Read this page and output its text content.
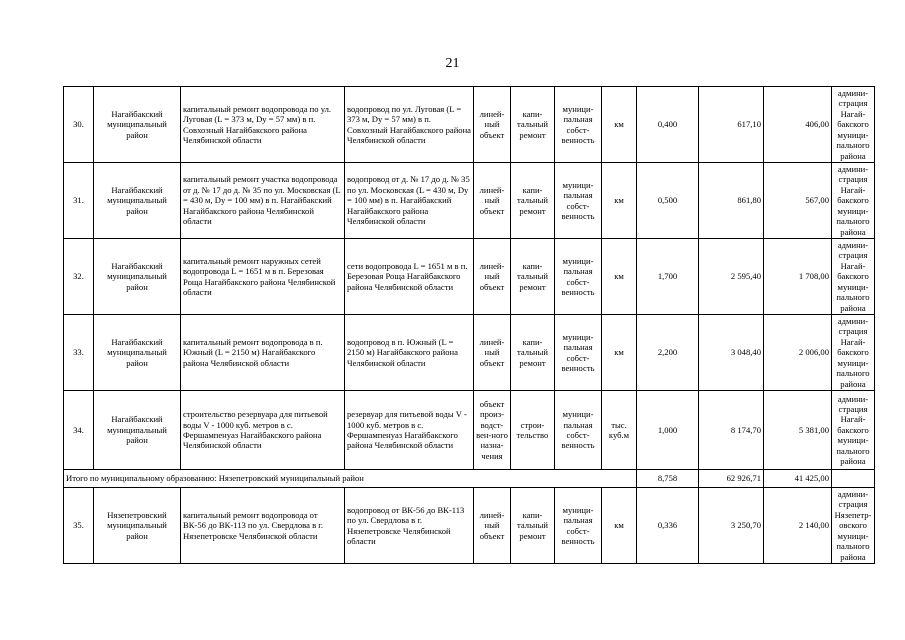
21
30.	Нагайбакский муниципальный район	капитальный ремонт водопровода по ул. Луговая (L = 373 м, Dy = 57 мм) в п. Совхозный Нагайбакского района Челябинской области	водопровод по ул. Луговая (L = 373 м, Dy = 57 мм) в п. Совхозный Нагайбакского района Челябинской области	линей-ный объект	капи-тальный ремонт	муници-пальная собст-венность	км	0,400	617,10	406,00	админи-страция Нагай-бакского муници-пального района
31.	Нагайбакский муниципальный район	капитальный ремонт участка водопровода от д. № 17 до д. № 35 по ул. Московская (L = 430 м, Dy = 100 мм) в п. Нагайбакский Нагайбакского района Челябинской области	водопровод от д. № 17 до д. № 35 по ул. Московская (L = 430 м, Dy = 100 мм) в п. Нагайбакский Нагайбакского района Челябинской области	линей-ный объект	капи-тальный ремонт	муници-пальная собст-венность	км	0,500	861,80	567,00	админи-страция Нагай-бакского муници-пального района
32.	Нагайбакский муниципальный район	капитальный ремонт наружных сетей водопровода L = 1651 м в п. Березовая Роща Нагайбакского района Челябинской области	сети водопровода L = 1651 м в п. Березовая Роща Нагайбакского района Челябинской области	линей-ный объект	капи-тальный ремонт	муници-пальная собст-венность	км	1,700	2 595,40	1 708,00	админи-страция Нагай-бакского муници-пального района
33.	Нагайбакский муниципальный район	капитальный ремонт водопровода в п. Южный (L = 2150 м) Нагайбакского района Челябинской области	водопровод в п. Южный (L = 2150 м) Нагайбакского района Челябинской области	линей-ный объект	капи-тальный ремонт	муници-пальная собст-венность	км	2,200	3 048,40	2 006,00	админи-страция Нагай-бакского муници-пального района
34.	Нагайбакский муниципальный район	строительство резервуара для питьевой воды V - 1000 куб. метров в с. Фершампенуаз Нагайбакского района Челябинской области	резервуар для питьевой воды V - 1000 куб. метров в с. Фершампенуаз Нагайбакского района Челябинской области	объект произ-водст-вен-ного назна-чения	строи-тельство	муници-пальная собст-венность	тыс. куб.м	1,000	8 174,70	5 381,00	админи-страция Нагай-бакского муници-пального района
Итого по муниципальному образованию: Нязепетровский муниципальный район								8,758	62 926,71	41 425,00	
35.	Нязепетровский муниципальный район	капитальный ремонт водопровода от ВК-56 до ВК-113 по ул. Свердлова в г. Нязепетровске Челябинской области	водопровод от ВК-56 до ВК-113 по ул. Свердлова в г. Нязепетровске Челябинской области	линей-ный объект	капи-тальный ремонт	муници-пальная собст-венность	км	0,336	3 250,70	2 140,00	админи-страция Нязепетр-овского муници-пального района
